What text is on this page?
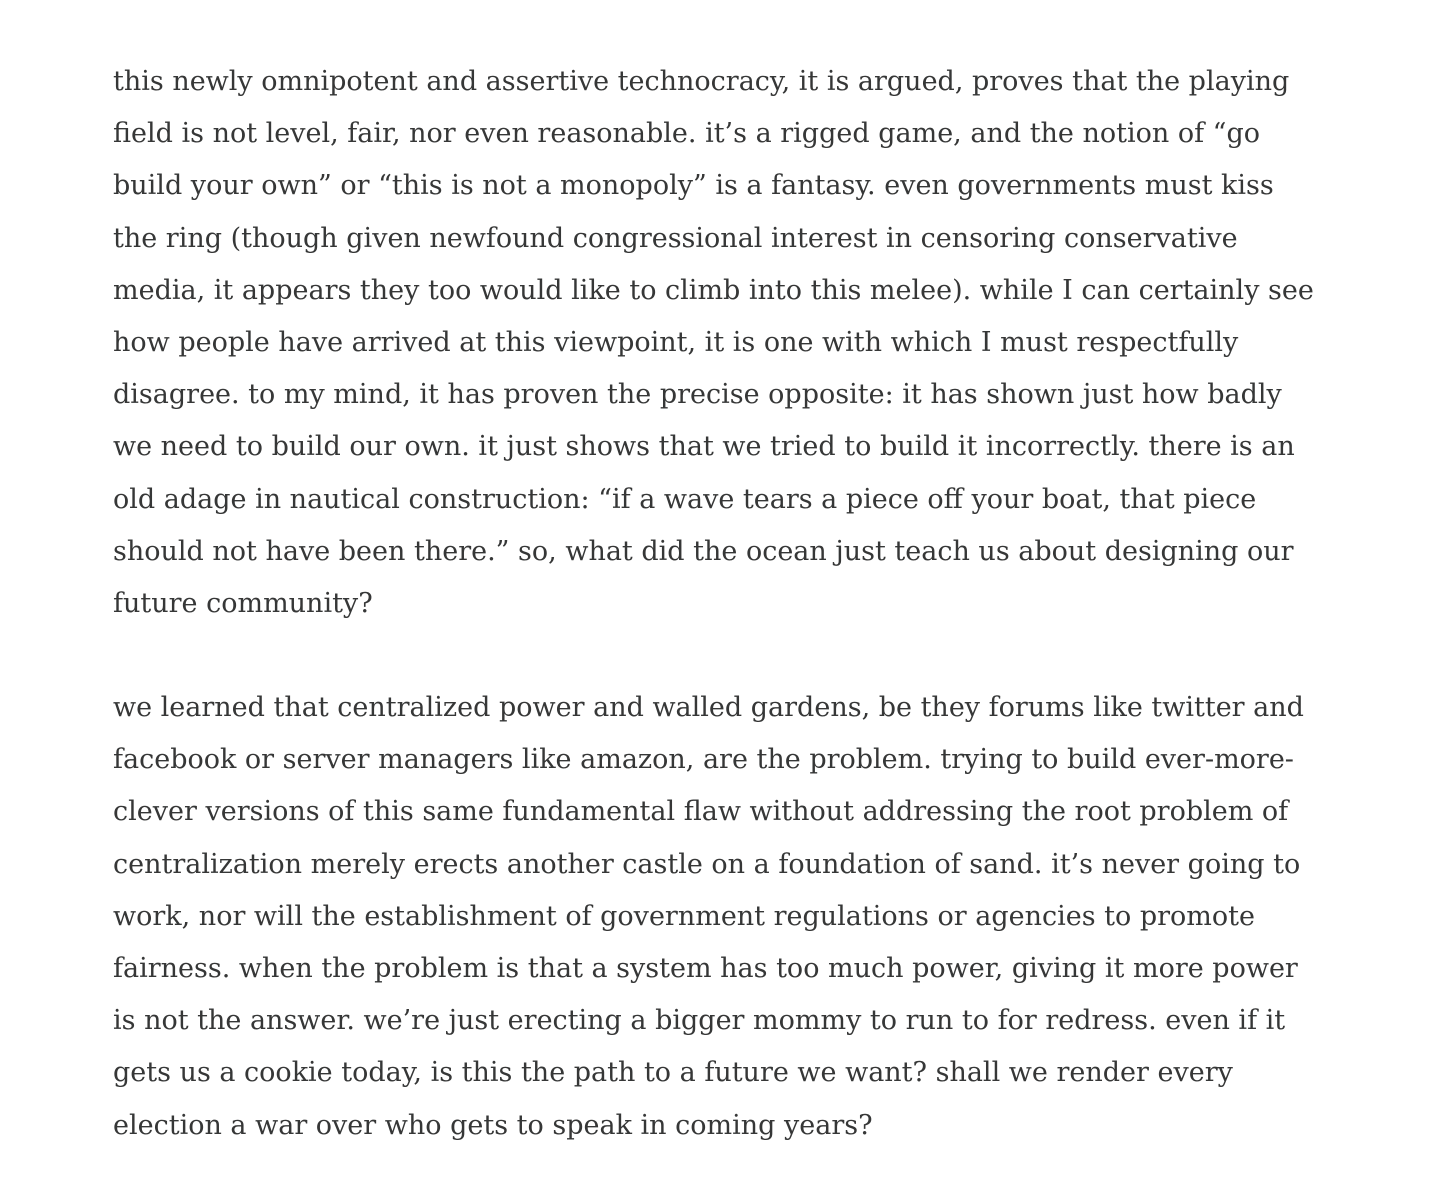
this newly omnipotent and assertive technocracy, it is argued, proves that the playing
field is not level, fair, nor even reasonable. it’s a rigged game, and the notion of “go
build your own” or “this is not a monopoly” is a fantasy. even governments must kiss
the ring (though given newfound congressional interest in censoring conservative
media, it appears they too would like to climb into this melee). while I can certainly see
how people have arrived at this viewpoint, it is one with which I must respectfully
disagree. to my mind, it has proven the precise opposite: it has shown just how badly
we need to build our own. it just shows that we tried to build it incorrectly. there is an
old adage in nautical construction: “if a wave tears a piece off your boat, that piece
should not have been there.” so, what did the ocean just teach us about designing our
future community?

we learned that centralized power and walled gardens, be they forums like twitter and
facebook or server managers like amazon, are the problem. trying to build ever-more-
clever versions of this same fundamental flaw without addressing the root problem of
centralization merely erects another castle on a foundation of sand. it’s never going to
work, nor will the establishment of government regulations or agencies to promote
fairness. when the problem is that a system has too much power, giving it more power
is not the answer. we’re just erecting a bigger mommy to run to for redress. even if it
gets us a cookie today, is this the path to a future we want? shall we render every
election a war over who gets to speak in coming years?
